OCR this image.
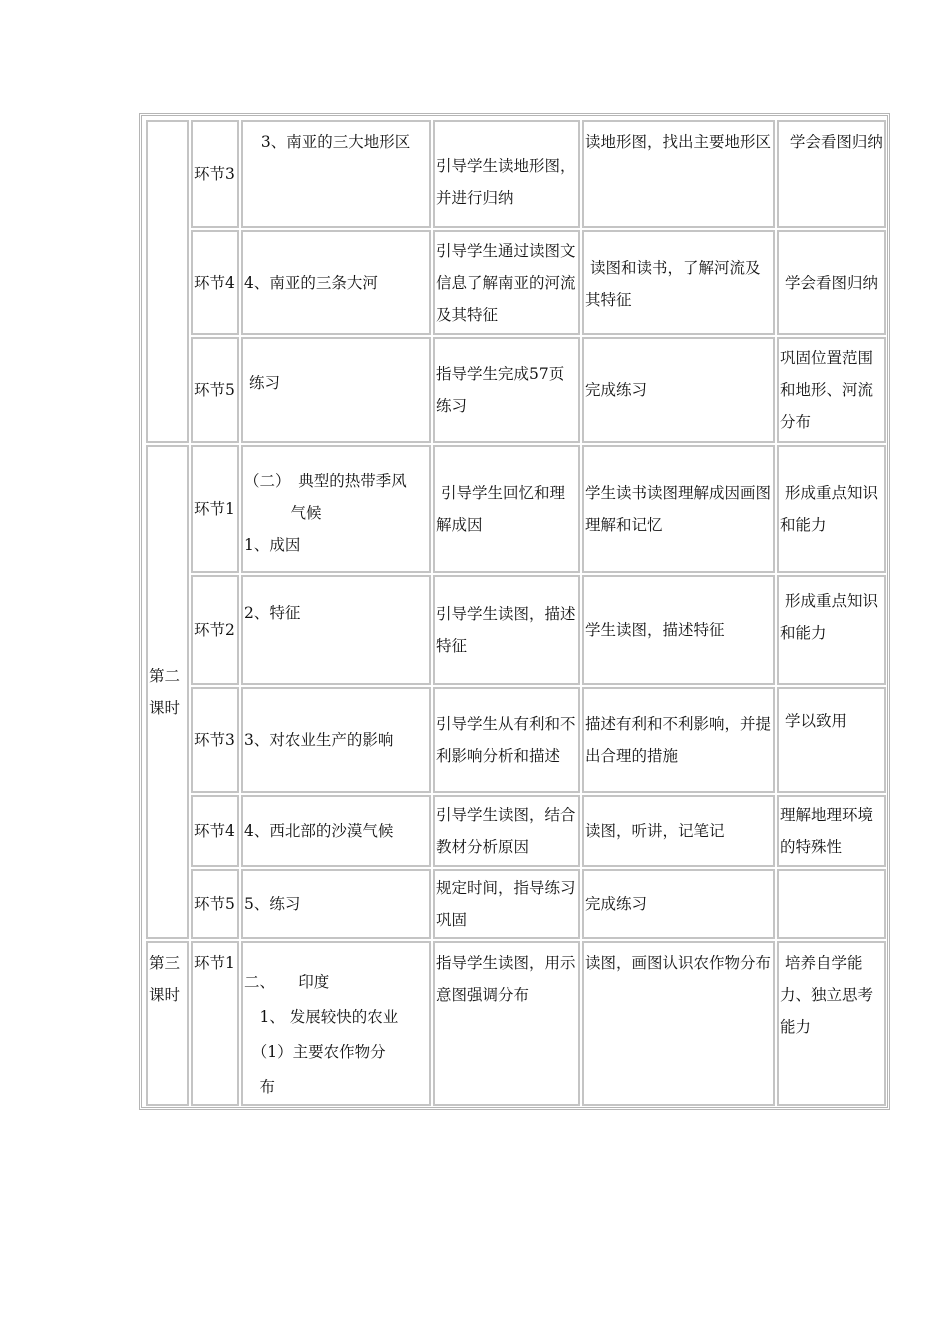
第二课时
第三课时
环节3
3、南亚的三大地形区
引导学生读地形图，并进行归纳
读地形图，找出主要地形区 学会看图归纳
环节4 4、南亚的三条大河
引导学生通过读图文信息了解南亚的河流及其特征
读图和读书，了解河流及其特征
学会看图归纳
环节5 练习	指导学生完成57页练习
完成练习
巩固位置范围和地形、河流分布
环节1
（二）　典型的热带季风
　　　气候
1、成因
引导学生回忆和理解成因
学生读书读图理解成因画图理解和记忆
形成重点知识和能力
环节2
2、特征	引导学生读图，描述特征
学生读图，描述特征
形成重点知识和能力
环节3 3、对农业生产的影响
引导学生从有利和不利影响分析和描述
描述有利和不利影响，并提出合理的措施
学以致用
环节4 4、西北部的沙漠气候
引导学生读图，结合教材分析原因
读图，听讲，记笔记
理解地理环境的特殊性
环节5 5、练习
规定时间，指导练习巩固
完成练习
环节1
二、　　印度
　1、 发展较快的农业
　（1）主要农作物分
　布
指导学生读图，用示意图强调分布
读图，画图认识农作物分布 培养自学能力、独立思考能力
